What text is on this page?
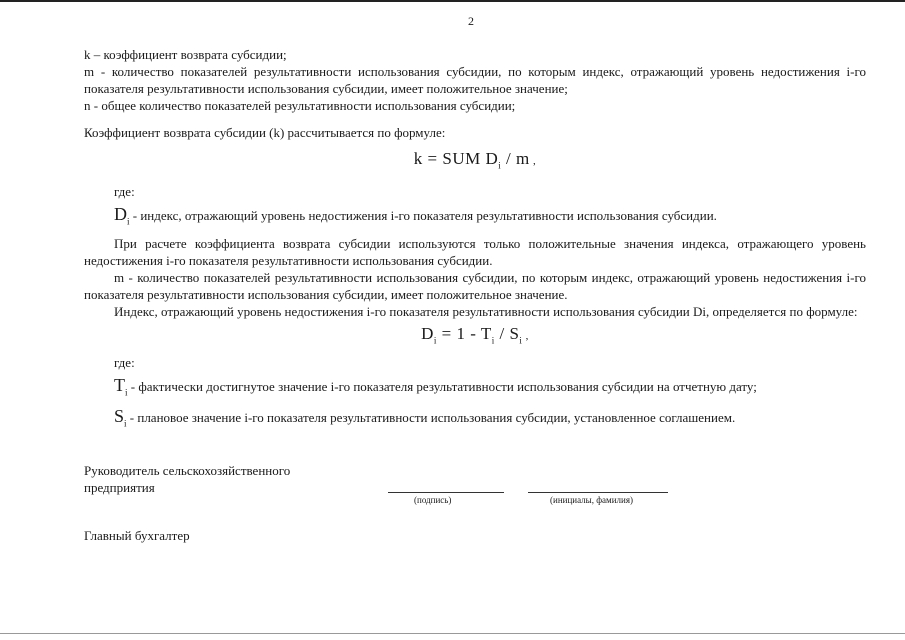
2

k – коэффициент возврата субсидии;

m - количество показателей результативности использования субсидии, по которым индекс, отражающий уровень недостижения i-го показателя результативности использования субсидии, имеет положительное значение;

n - общее количество показателей результативности использования субсидии;

Коэффициент возврата субсидии (k) рассчитывается по формуле:

k = SUM $D_i$ / m ,
где:
$D_i$ - индекс, отражающий уровень недостижения i-го показателя результативности использования субсидии.

При расчете коэффициента возврата субсидии используются только положительные значения индекса, отражающего уровень недостижения i-го показателя результативности использования субсидии.

m - количество показателей результативности использования субсидии, по которым индекс, отражающий уровень недостижения i-го показателя результативности использования субсидии, имеет положительное значение.

Индекс, отражающий уровень недостижения i-го показателя результативности использования субсидии Di, определяется по формуле:

$D_i = 1 - T_i / S_i$ ,
где:
$T_i$ - фактически достигнутое значение i-го показателя результативности использования субсидии на отчетную дату;
$S_i$ - плановое значение i-го показателя результативности использования субсидии, установленное соглашением.
Руководитель сельскохозяйственного предприятия
(подпись)	(инициалы, фамилия)
Главный бухгалтер
